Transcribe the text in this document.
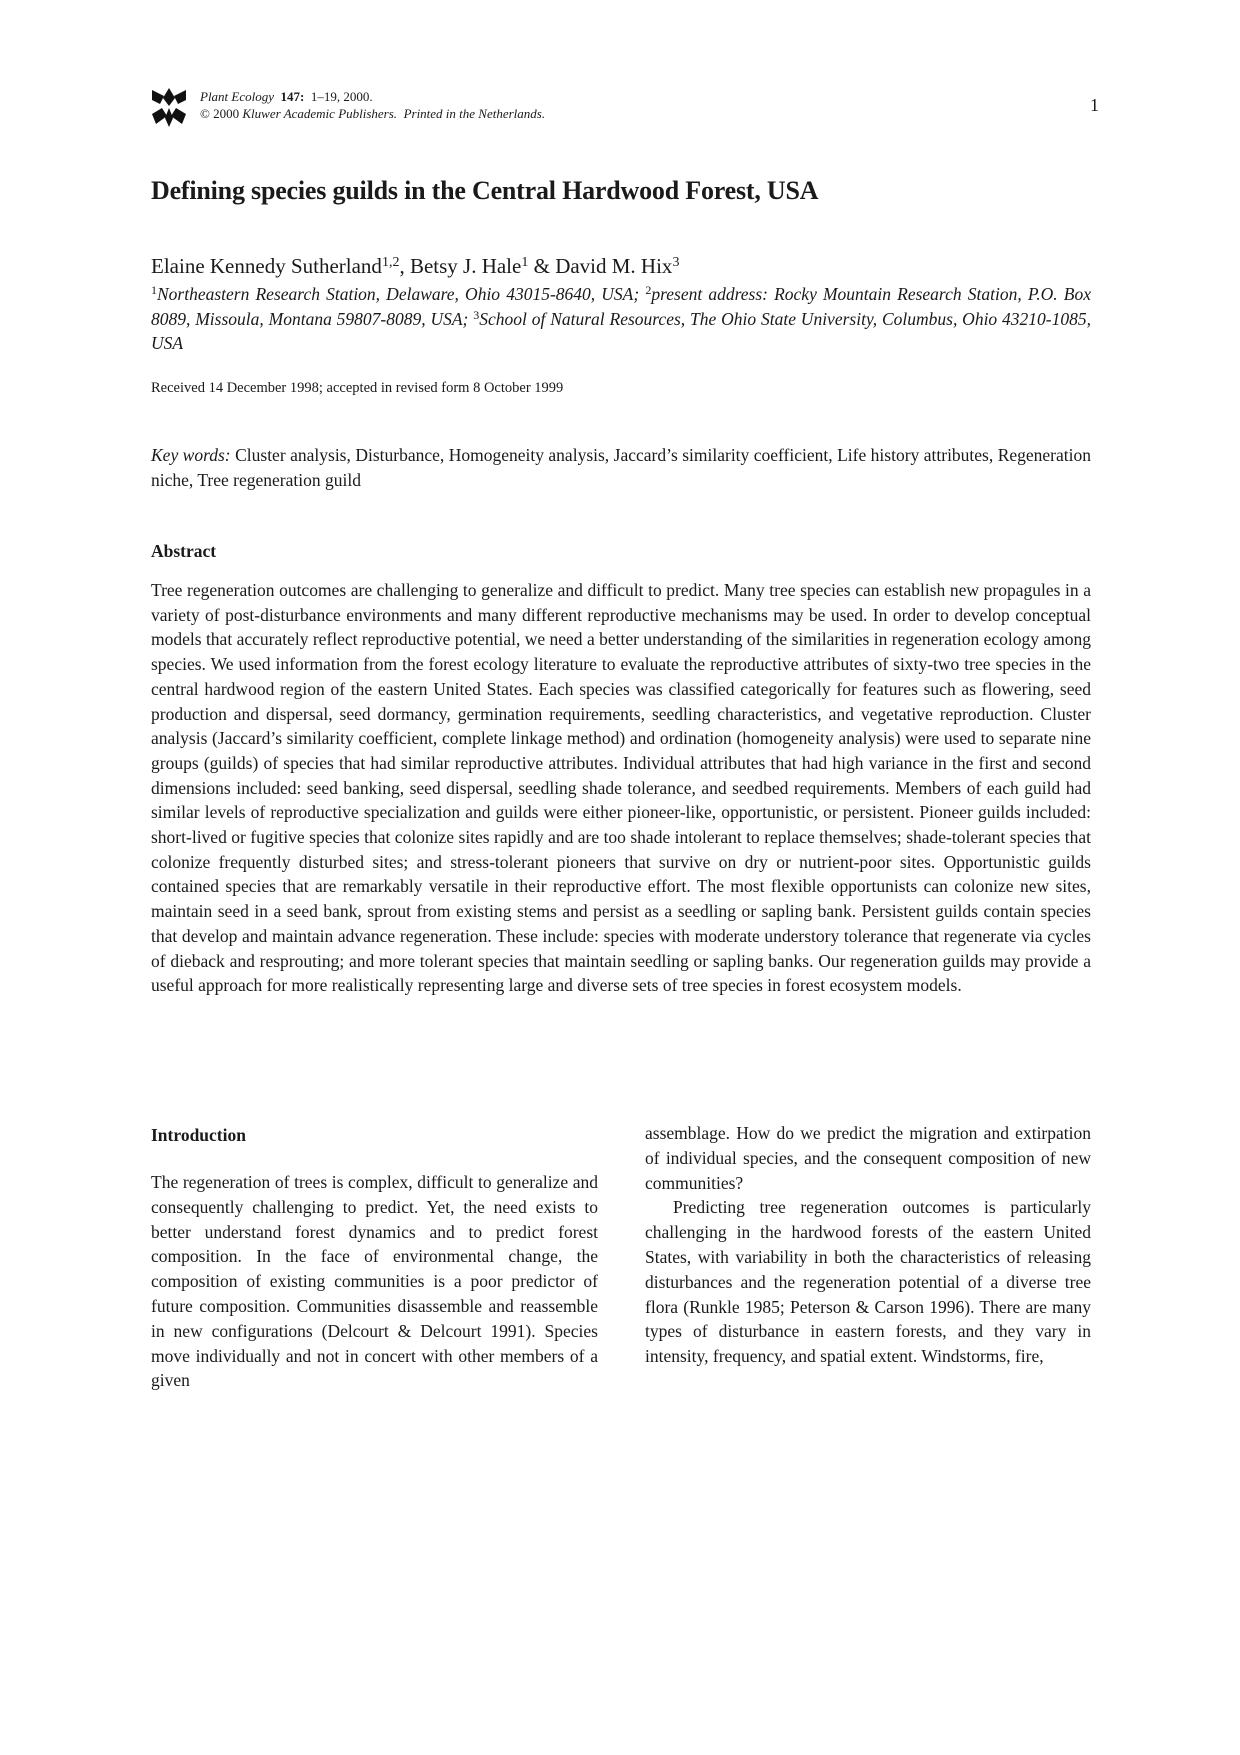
Plant Ecology 147: 1–19, 2000.
© 2000 Kluwer Academic Publishers. Printed in the Netherlands.	1
Defining species guilds in the Central Hardwood Forest, USA
Elaine Kennedy Sutherland$^{1,2}$, Betsy J. Hale$^1$ & David M. Hix$^3$
$^1$Northeastern Research Station, Delaware, Ohio 43015-8640, USA; $^2$present address: Rocky Mountain Research Station, P.O. Box 8089, Missoula, Montana 59807-8089, USA; $^3$School of Natural Resources, The Ohio State University, Columbus, Ohio 43210-1085, USA
Received 14 December 1998; accepted in revised form 8 October 1999
Key words: Cluster analysis, Disturbance, Homogeneity analysis, Jaccard’s similarity coefficient, Life history attributes, Regeneration niche, Tree regeneration guild
Abstract
Tree regeneration outcomes are challenging to generalize and difficult to predict. Many tree species can establish new propagules in a variety of post-disturbance environments and many different reproductive mechanisms may be used. In order to develop conceptual models that accurately reflect reproductive potential, we need a better understanding of the similarities in regeneration ecology among species. We used information from the forest ecology literature to evaluate the reproductive attributes of sixty-two tree species in the central hardwood region of the eastern United States. Each species was classified categorically for features such as flowering, seed production and dispersal, seed dormancy, germination requirements, seedling characteristics, and vegetative reproduction. Cluster analysis (Jaccard’s similarity coefficient, complete linkage method) and ordination (homogeneity analysis) were used to separate nine groups (guilds) of species that had similar reproductive attributes. Individual attributes that had high variance in the first and second dimensions included: seed banking, seed dispersal, seedling shade tolerance, and seedbed requirements. Members of each guild had similar levels of reproductive specialization and guilds were either pioneer-like, opportunistic, or persistent. Pioneer guilds included: short-lived or fugitive species that colonize sites rapidly and are too shade intolerant to replace themselves; shade-tolerant species that colonize frequently disturbed sites; and stress-tolerant pioneers that survive on dry or nutrient-poor sites. Opportunistic guilds contained species that are remarkably versatile in their reproductive effort. The most flexible opportunists can colonize new sites, maintain seed in a seed bank, sprout from existing stems and persist as a seedling or sapling bank. Persistent guilds contain species that develop and maintain advance regeneration. These include: species with moderate understory tolerance that regenerate via cycles of dieback and resprouting; and more tolerant species that maintain seedling or sapling banks. Our regeneration guilds may provide a useful approach for more realistically representing large and diverse sets of tree species in forest ecosystem models.
Introduction
The regeneration of trees is complex, difficult to generalize and consequently challenging to predict. Yet, the need exists to better understand forest dynamics and to predict forest composition. In the face of environmental change, the composition of existing communities is a poor predictor of future composition. Communities disassemble and reassemble in new configurations (Delcourt & Delcourt 1991). Species move individually and not in concert with other members of a given

assemblage. How do we predict the migration and extirpation of individual species, and the consequent composition of new communities?

Predicting tree regeneration outcomes is particularly challenging in the hardwood forests of the eastern United States, with variability in both the characteristics of releasing disturbances and the regeneration potential of a diverse tree flora (Runkle 1985; Peterson & Carson 1996). There are many types of disturbance in eastern forests, and they vary in intensity, frequency, and spatial extent. Windstorms, fire,
